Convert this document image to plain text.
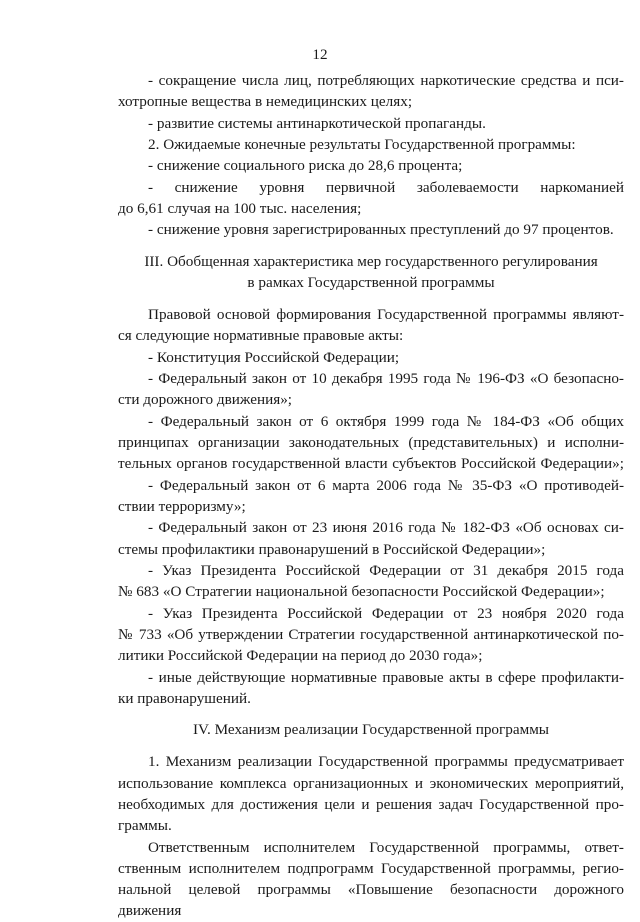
12
- сокращение числа лиц, потребляющих наркотические средства и пси-
хотропные вещества в немедицинских целях;
- развитие системы антинаркотической пропаганды.
2. Ожидаемые конечные результаты Государственной программы:
- снижение социального риска до 28,6 процента;
- снижение уровня первичной заболеваемости наркоманией
до 6,61 случая на 100 тыс. населения;
- снижение уровня зарегистрированных преступлений до 97 процентов.
III. Обобщенная характеристика мер государственного регулирования
в рамках Государственной программы
Правовой основой формирования Государственной программы являют-
ся следующие нормативные правовые акты:
- Конституция Российской Федерации;
- Федеральный закон от 10 декабря 1995 года № 196-ФЗ «О безопасно-
сти дорожного движения»;
- Федеральный закон от 6 октября 1999 года № 184-ФЗ «Об общих
принципах организации законодательных (представительных) и исполни-
тельных органов государственной власти субъектов Российской Федерации»;
- Федеральный закон от 6 марта 2006 года № 35-ФЗ «О противодей-
ствии терроризму»;
- Федеральный закон от 23 июня 2016 года № 182-ФЗ «Об основах си-
стемы профилактики правонарушений в Российской Федерации»;
- Указ Президента Российской Федерации от 31 декабря 2015 года
№ 683 «О Стратегии национальной безопасности Российской Федерации»;
- Указ Президента Российской Федерации от 23 ноября 2020 года
№ 733 «Об утверждении Стратегии государственной антинаркотической по-
литики Российской Федерации на период до 2030 года»;
- иные действующие нормативные правовые акты в сфере профилакти-
ки правонарушений.
IV. Механизм реализации Государственной программы
1. Механизм реализации Государственной программы предусматривает
использование комплекса организационных и экономических мероприятий,
необходимых для достижения цели и решения задач Государственной про-
граммы.
Ответственным исполнителем Государственной программы, ответ-
ственным исполнителем подпрограмм Государственной программы, регио-
нальной целевой программы «Повышение безопасности дорожного движения
